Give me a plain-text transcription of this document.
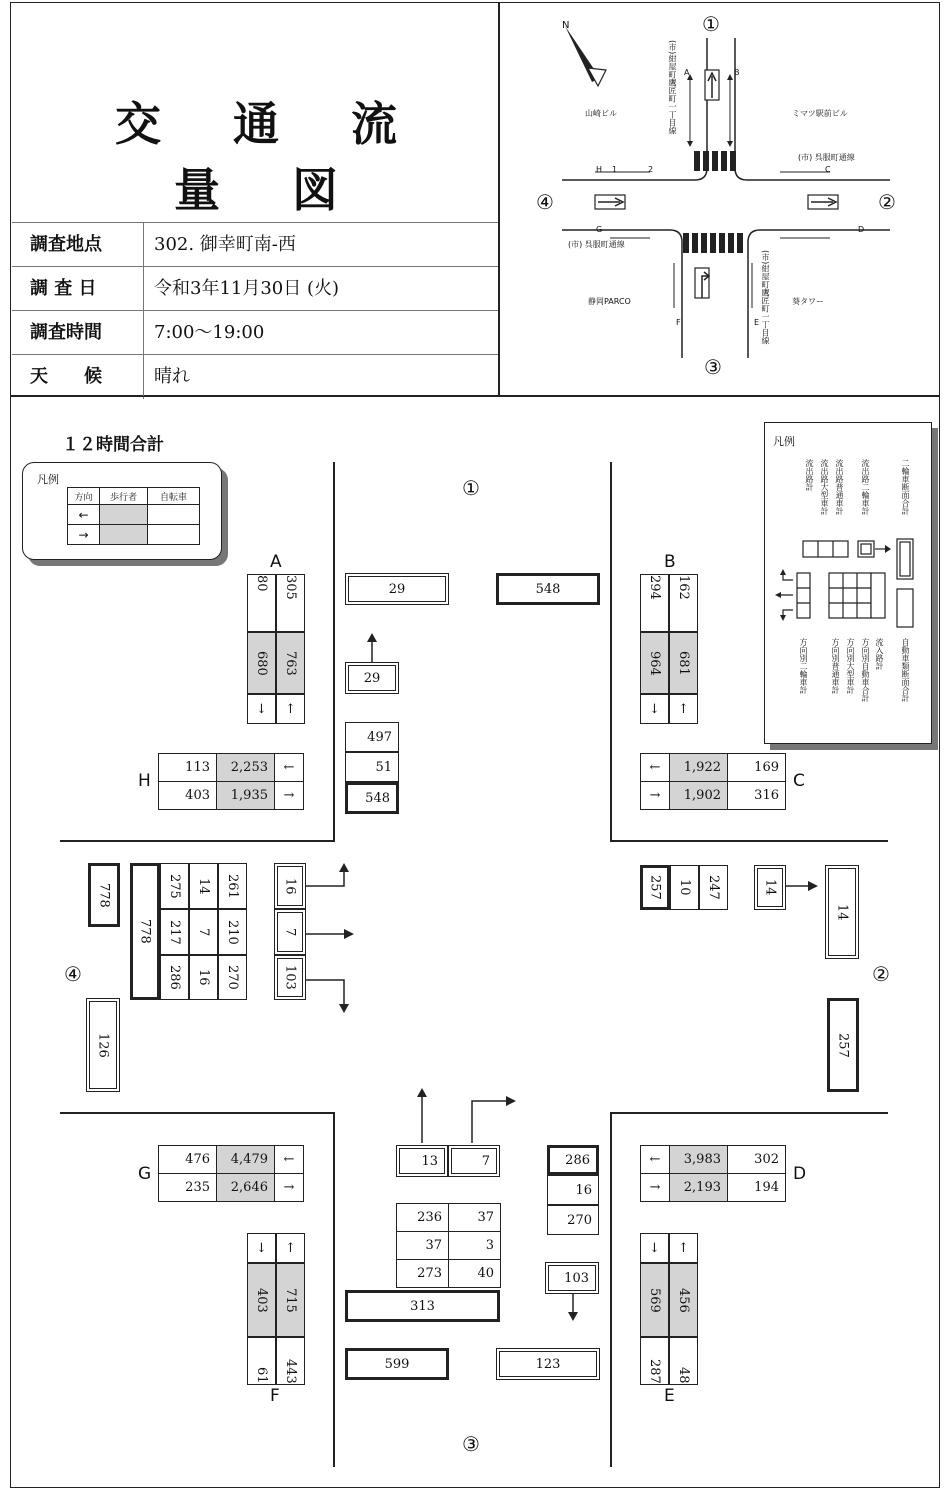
交 通 流 量 図
調査地点	302. 御幸町南-西
調 査 日	令和3年11月30日 (火)
調査時間	7:00〜19:00
天　　候	晴れ
N	①
②
③
④
山崎ビル	ミマツ駅前ビル
静岡PARCO	葵タワー
(市) 呉服町通線
(市) 呉服町通線
(市)紺屋町鷹匠町一丁目線
(市)紺屋町鷹匠町一丁目線
H	C
G	D
A	B
F	E
1	2
１２時間合計
①
②
③
④
凡例
方向	歩行者	自転車
←		
→		
凡例
流出路計 流出路大型車計 流出路普通車計 流出路二輪車計	二輪車断面合計
方向別二輪車計	方向別普通車計 方向別大型車計 方向別自動車合計 流入路計 自動車類断面合計
A
80 305
680 763
↓	↑
B
294 162
964 681
↓	↑
↓	↑
403 715
61 443
F
↓	↑
569 456
287 48
E
H
113	2,253	←
403	1,935	→
←	1,922	169
→	1,902	316
C
G
476	4,479	←
235	2,646	→
←	3,983	302
→	2,193	194
D
29	548
29
497
51
548
778
778
275 14 261
217 7 210
286 16 270
16
7
103
126
257 10 247	14
14
257
13	7	286
16
270
236	37
37	3
273	40
313
103
599	123
